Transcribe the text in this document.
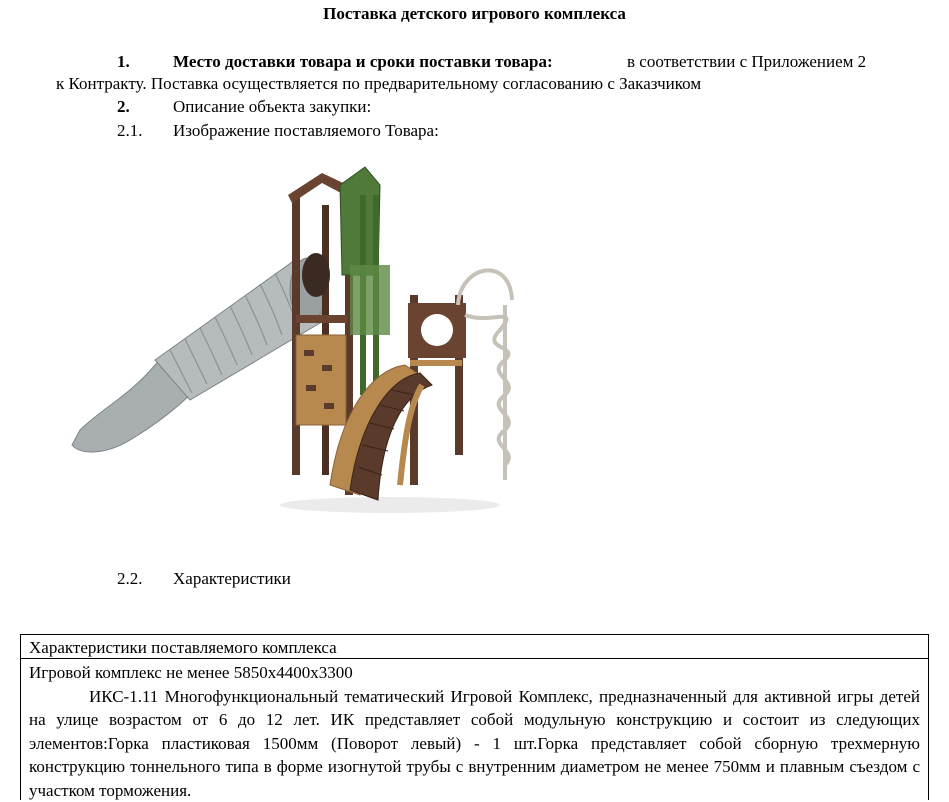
Поставка детского игрового комплекса
1.	Место доставки товара и сроки поставки товара:	в соответствии с Приложением 2
к Контракту. Поставка осуществляется по предварительному согласованию с Заказчиком
2.	Описание объекта закупки:
2.1. Изображение поставляемого Товара:
2.2. Характеристики
Характеристики поставляемого комплекса

Игровой комплекс не менее 5850х4400х3300

ИКС-1.11 Многофункциональный тематический Игровой Комплекс, предназначенный для активной игры детей на улице возрастом от 6 до 12 лет. ИК представляет собой модульную конструкцию и состоит из следующих элементов:Горка пластиковая 1500мм (Поворот левый) - 1 шт.Горка представляет собой сборную трехмерную конструкцию тоннельного типа в форме изогнутой трубы с внутренним диаметром не менее 750мм и плавным съездом с участком торможения.
